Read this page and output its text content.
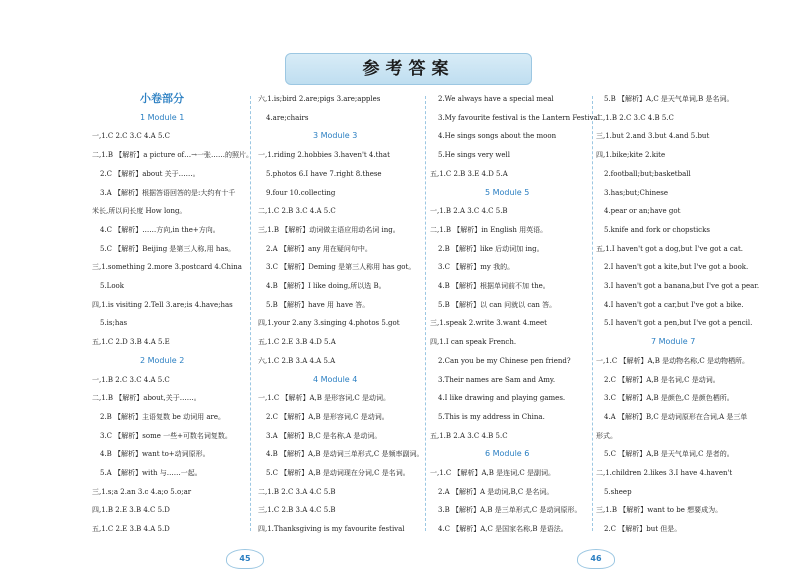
参考答案
小卷部分
1 Module 1
一,1.C 2.C 3.C 4.A 5.C
二,1.B 【解析】a picture of…→一张……的照片。
2.C 【解析】about 关于……。
3.A 【解析】根据答语回答的是:大约有十千
米长,所以问长度 How long。
4.C 【解析】……方向,in the+方向。
5.C 【解析】Beijing 是第三人称,用 has。
三,1.something 2.more 3.postcard 4.China
5.Look
四,1.is visiting 2.Tell 3.are;is 4.have;has
5.is;has
五,1.C 2.D 3.B 4.A 5.E
2 Module 2
一,1.B 2.C 3.C 4.A 5.C
二,1.B 【解析】about,关于……。
2.B 【解析】主语复数 be 动词用 are。
3.C 【解析】some 一些+可数名词复数。
4.B 【解析】want to+动词原形。
5.A 【解析】with 与……一起。
三,1.s;a 2.an 3.c 4.a;o 5.o;ar
四,1.B 2.E 3.B 4.C 5.D
五,1.C 2.E 3.B 4.A 5.D
六,1.is;bird 2.are;pigs 3.are;apples
4.are;chairs
3 Module 3
一,1.riding 2.hobbies 3.haven't 4.that
5.photos 6.I have 7.right 8.these
9.four 10.collecting
二,1.C 2.B 3.C 4.A 5.C
三,1.B 【解析】动词做主语应用动名词 ing。
2.A 【解析】any 用在疑问句中。
3.C 【解析】Deming 是第三人称用 has got。
4.B 【解析】I like doing,所以选 B。
5.B 【解析】have 用 have 答。
四,1.your 2.any 3.singing 4.photos 5.got
五,1.C 2.E 3.B 4.D 5.A
六,1.C 2.B 3.A 4.A 5.A
4 Module 4
一,1.C 【解析】A,B 是形容词,C 是动词。
2.C 【解析】A,B 是形容词,C 是动词。
3.A 【解析】B,C 是名称,A 是动词。
4.B 【解析】A,B 是动词三单形式,C 是频率副词。
5.C 【解析】A,B 是动词现在分词,C 是名词。
二,1.B 2.C 3.A 4.C 5.B
三,1.C 2.B 3.A 4.C 5.B
四,1.Thanksgiving is my favourite festival
2.We always have a special meal
3.My favourite festival is the Lantern Festival
4.He sings songs about the moon
5.He sings very well
五,1.C 2.B 3.E 4.D 5.A
5 Module 5
一,1.B 2.A 3.C 4.C 5.B
二,1.B 【解析】in English 用英语。
2.B 【解析】like 后动词加 ing。
3.C 【解析】my 我的。
4.B 【解析】根据单词前不加 the。
5.B 【解析】以 can 问就以 can 答。
三,1.speak 2.write 3.want 4.meet
四,1.I can speak French.
2.Can you be my Chinese pen friend?
3.Their names are Sam and Amy.
4.I like drawing and playing games.
5.This is my address in China.
五,1.B 2.A 3.C 4.B 5.C
6 Module 6
一,1.C 【解析】A,B 是连词,C 是副词。
2.A 【解析】A 是动词,B,C 是名词。
3.B 【解析】A,B 是三单形式,C 是动词原形。
4.C 【解析】A,C 是国家名称,B 是语法。
5.B 【解析】A,C 是天气单词,B 是名词。
二,1.B 2.C 3.C 4.B 5.C
三,1.but 2.and 3.but 4.and 5.but
四,1.bike;kite 2.kite
2.football;but;basketball
3.has;but;Chinese
4.pear or an;have got
5.knife and fork or chopsticks
五,1.I haven't got a dog,but I've got a cat.
2.I haven't got a kite,but I've got a book.
3.I haven't got a banana,but I've got a pear.
4.I haven't got a car,but I've got a bike.
5.I haven't got a pen,but I've got a pencil.
7 Module 7
一,1.C 【解析】A,B 是动物名称,C 是动物栖所。
2.C 【解析】A,B 是名词,C 是动词。
3.C 【解析】A,B 是颜色,C 是颜色栖所。
4.A 【解析】B,C 是动词原形在合词,A 是三单
形式。
5.C 【解析】A,B 是天气单词,C 是者的。
二,1.children 2.likes 3.I have 4.haven't
5.sheep
三,1.B 【解析】want to be 想要成为。
2.C 【解析】but 但是。
45	46
